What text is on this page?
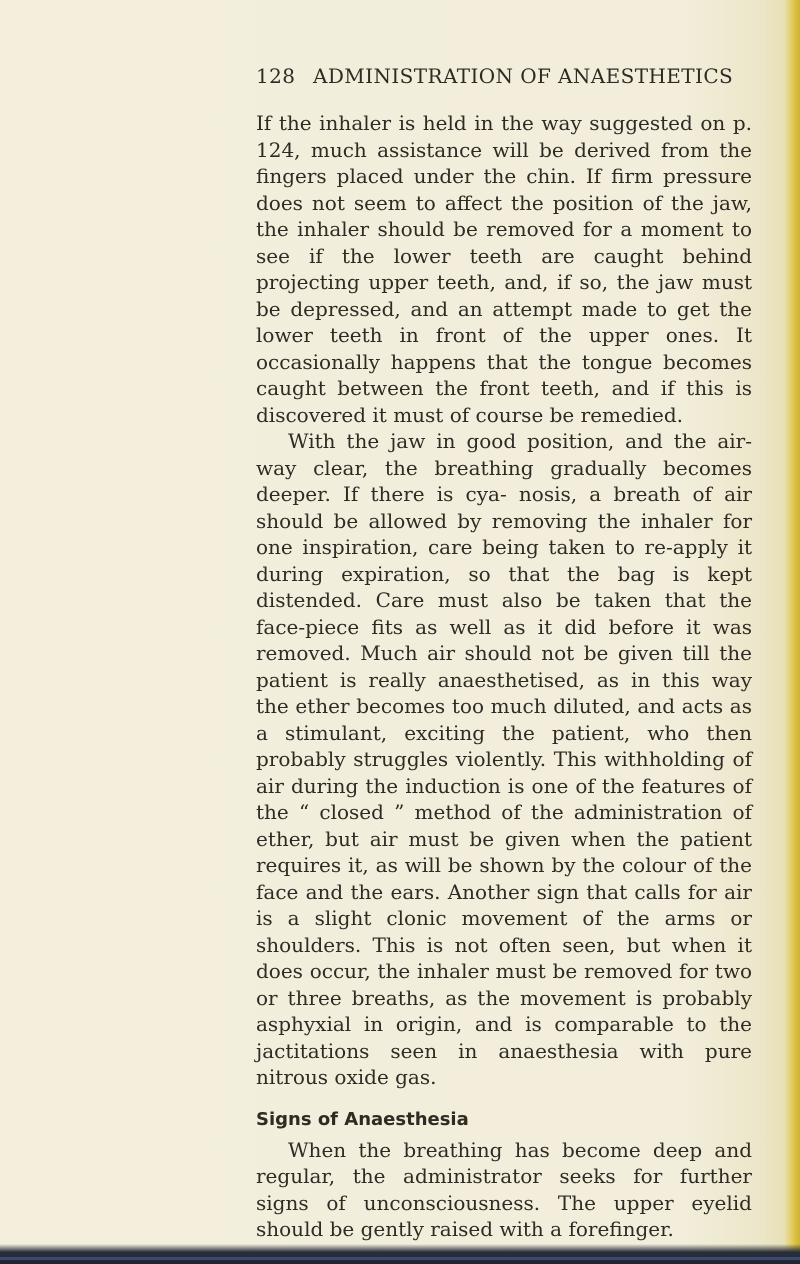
128 ADMINISTRATION OF ANAESTHETICS

If the inhaler is held in the way suggested on p. 124, much assistance will be derived from the fingers placed under the chin. If firm pressure does not seem to affect the position of the jaw, the inhaler should be removed for a moment to see if the lower teeth are caught behind projecting upper teeth, and, if so, the jaw must be depressed, and an attempt made to get the lower teeth in front of the upper ones. It occasionally happens that the tongue becomes caught between the front teeth, and if this is discovered it must of course be remedied.

With the jaw in good position, and the air-way clear, the breathing gradually becomes deeper. If there is cya- nosis, a breath of air should be allowed by removing the inhaler for one inspiration, care being taken to re-apply it during expiration, so that the bag is kept distended. Care must also be taken that the face-piece fits as well as it did before it was removed. Much air should not be given till the patient is really anaesthetised, as in this way the ether becomes too much diluted, and acts as a stimulant, exciting the patient, who then probably struggles violently. This withholding of air during the induction is one of the features of the “ closed ” method of the administration of ether, but air must be given when the patient requires it, as will be shown by the colour of the face and the ears. Another sign that calls for air is a slight clonic movement of the arms or shoulders. This is not often seen, but when it does occur, the inhaler must be removed for two or three breaths, as the movement is probably asphyxial in origin, and is comparable to the jactitations seen in anaesthesia with pure nitrous oxide gas.

Signs of Anaesthesia

When the breathing has become deep and regular, the administrator seeks for further signs of unconsciousness. The upper eyelid should be gently raised with a forefinger.
